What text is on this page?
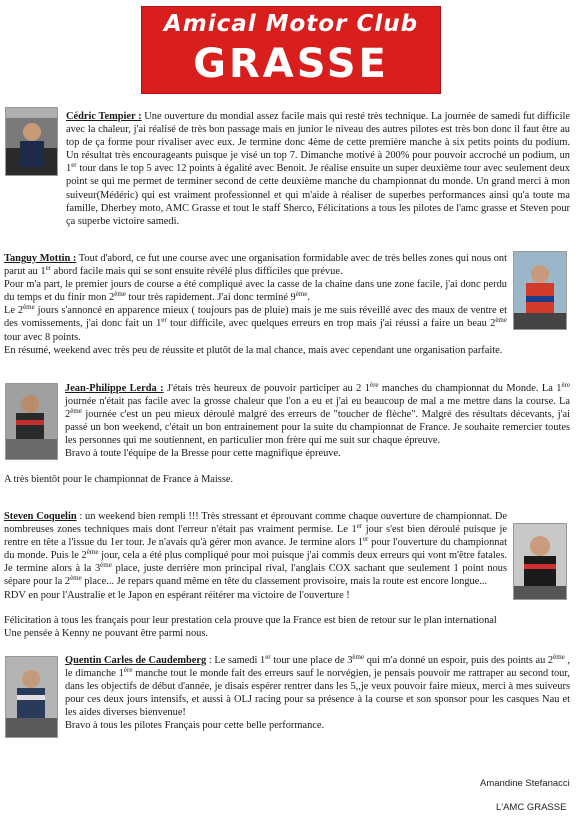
Amical Motor Club
GRASSE

Cédric Tempier : Une ouverture du mondial assez facile mais qui resté très technique. La journée de samedi fut difficile avec la chaleur, j'ai réalisé de très bon passage mais en junior le niveau des autres pilotes est très bon donc il faut être au top de ça forme pour rivaliser avec eux. Je termine donc 4ème de cette première manche à six petits points du podium. Un résultat très encourageants puisque je visé un top 7. Dimanche motivé à 200% pour pouvoir accroché un podium, un 1er tour dans le top 5 avec 12 points à égalité avec Benoit. Je réalise ensuite un super deuxième tour avec seulement deux point se qui me permet de terminer second de cette deuxième manche du championnat du monde. Un grand merci à mon suiveur(Médéric) qui est vraiment professionnel et qui m'aide à réaliser de superbes performances ainsi qu'a toute ma famille, Dherbey moto, AMC Grasse et tout le staff Sherco, Félicitations a tous les pilotes de l'amc grasse et Steven pour ça superbe victoire samedi.

Tanguy Mottin : Tout d'abord, ce fut une course avec une organisation formidable avec de très belles zones qui nous ont parut au 1er abord facile mais qui se sont ensuite révélé plus difficiles que prévue.

Pour m'a part, le premier jours de course a été compliqué avec la casse de la chaine dans une zone facile, j'ai donc perdu du temps et du finir mon 2ème tour très rapidement. J'ai donc terminé 9ème.

Le 2ème jours s'annoncé en apparence mieux ( toujours pas de pluie) mais je me suis réveillé avec des maux de ventre et des vomissements, j'ai donc fait un 1er tour difficile, avec quelques erreurs en trop mais j'ai réussi a faire un beau 2ème tour avec 8 points.

En résumé, weekend avec très peu de réussite et plutôt de la mal chance, mais avec cependant une organisation parfaite.

Jean-Philippe Lerda : J'étais très heureux de pouvoir participer au 2 1ère manches du championnat du Monde. La 1ère journée n'était pas facile avec la grosse chaleur que l'on a eu et j'ai eu beaucoup de mal a me mettre dans la course. La 2ème journée c'est un peu mieux déroulé malgré des erreurs de "toucher de flèche". Malgré des résultats décevants, j'ai passé un bon weekend, c'était un bon entrainement pour la suite du championnat de France. Je souhaite remercier toutes les personnes qui me soutiennent, en particulier mon frère qui me suit sur chaque épreuve.

Bravo à toute l'équipe de la Bresse pour cette magnifique épreuve.

A très bientôt pour le championnat de France à Maisse.

Steven Coquelin : un weekend bien rempli !!! Très stressant et éprouvant comme chaque ouverture de championnat. De nombreuses zones techniques mais dont l'erreur n'était pas vraiment permise. Le 1er jour s'est bien déroulé puisque je rentre en tête a l'issue du 1er tour. Je n'avais qu'à gérer mon avance. Je termine alors 1er pour l'ouverture du championnat du monde. Puis le 2ème jour, cela a été plus compliqué pour moi puisque j'ai commis deux erreurs qui vont m'être fatales. Je termine alors à la 3ème place, juste derrière mon principal rival, l'anglais COX sachant que seulement 1 point nous sépare pour la 2ème place... Je repars quand même en tête du classement provisoire, mais la route est encore longue...

RDV en pour l'Australie et le Japon en espérant réitérer ma victoire de l'ouverture !

Félicitation à tous les français pour leur prestation cela prouve que la France est bien de retour sur le plan international

Une pensée à Kenny ne pouvant être parmi nous.

Quentin Carles de Caudemberg : Le samedi 1er tour une place de 3ème qui m'a donné un espoir, puis des points au 2ème , le dimanche 1ère manche tout le monde fait des erreurs sauf le norvégien, je pensais pouvoir me rattraper au second tour, dans les objectifs de début d'année, je disais espérer rentrer dans les 5,,je veux pouvoir faire mieux, merci à mes suiveurs pour ces deux jours intensifs, et aussi à OLJ racing pour sa présence à la course et son sponsor pour les casques Nau et les aides diverses bienvenue!

Bravo à tous les pilotes Français pour cette belle performance.

Amandine Stefanacci
L'AMC GRASSE
